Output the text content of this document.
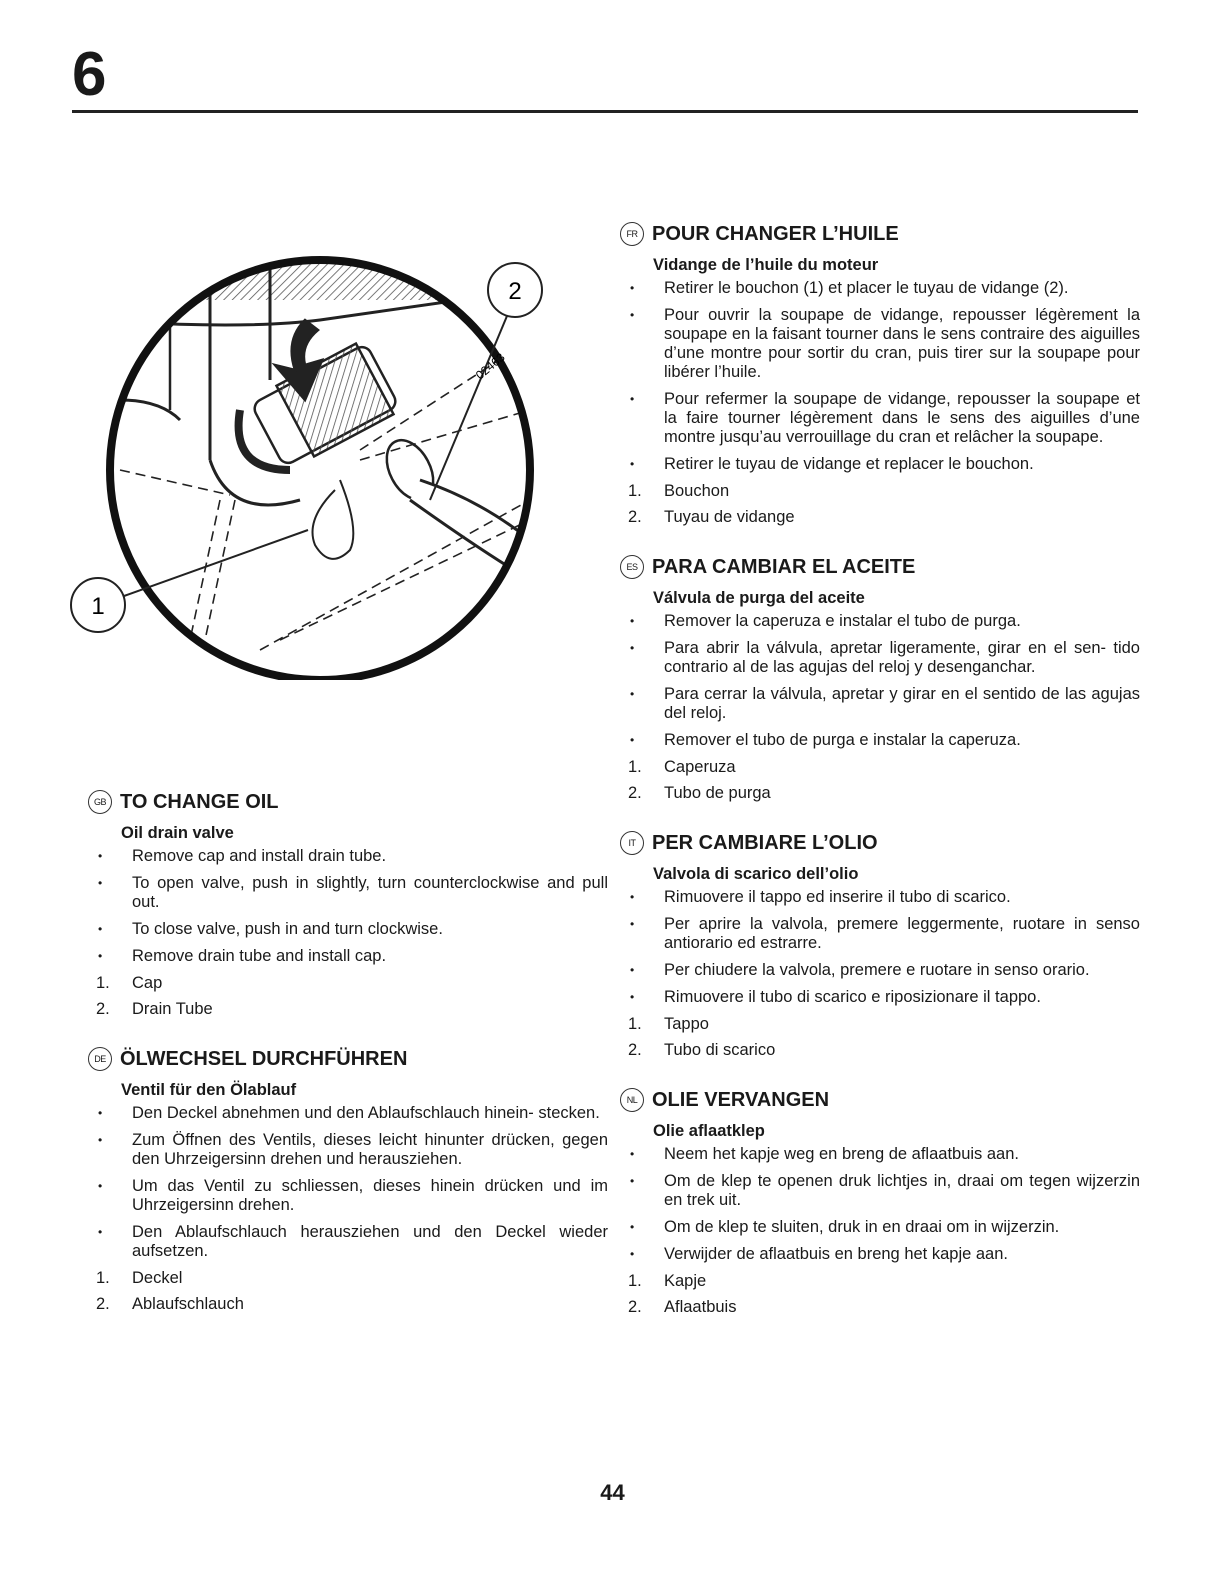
6
2
1
02463
GB TO CHANGE OIL
Oil drain valve
• Remove cap and install drain tube.
• To open valve, push in slightly, turn counterclockwise and pull out.
• To close valve, push in and turn clockwise.
• Remove drain tube and install cap.
1. Cap
2. Drain Tube
DE ÖLWECHSEL DURCHFÜHREN
Ventil für den Ölablauf
• Den Deckel abnehmen und den Ablaufschlauch hinein- stecken.
• Zum Öffnen des Ventils, dieses leicht hinunter drücken, gegen den Uhrzeigersinn drehen und herausziehen.
• Um das Ventil zu schliessen, dieses hinein drücken und im Uhrzeigersinn drehen.
• Den Ablaufschlauch herausziehen und den Deckel wieder aufsetzen.
1. Deckel
2. Ablaufschlauch
FR POUR CHANGER L’HUILE
Vidange de l’huile du moteur
• Retirer le bouchon (1) et placer le tuyau de vidange (2).
• Pour ouvrir la soupape de vidange, repousser légèrement la soupape en la faisant tourner dans le sens contraire des aiguilles d’une montre pour sortir du cran, puis tirer sur la soupape pour libérer l’huile.
• Pour refermer la soupape de vidange, repousser la soupape et la faire tourner légèrement dans le sens des aiguilles d’une montre jusqu’au verrouillage du cran et relâcher la soupape.
• Retirer le tuyau de vidange et replacer le bouchon.
1. Bouchon
2. Tuyau de vidange
ES PARA CAMBIAR EL ACEITE
Válvula de purga del aceite
• Remover la caperuza e instalar el tubo de purga.
• Para abrir la válvula, apretar ligeramente, girar en el sen- tido contrario al de las agujas del reloj y desenganchar.
• Para cerrar la válvula, apretar y girar en el sentido de las agujas del reloj.
• Remover el tubo de purga e instalar la caperuza.
1. Caperuza
2. Tubo de purga
IT PER CAMBIARE L’OLIO
Valvola di scarico dell’olio
• Rimuovere il tappo ed inserire il tubo di scarico.
• Per aprire la valvola, premere leggermente, ruotare in senso antiorario ed estrarre.
• Per chiudere la valvola, premere e ruotare in senso orario.
• Rimuovere il tubo di scarico e riposizionare il tappo.
1. Tappo
2. Tubo di scarico
NL OLIE VERVANGEN
Olie aflaatklep
• Neem het kapje weg en breng de aflaatbuis aan.
• Om de klep te openen druk lichtjes in, draai om tegen wijzerzin en trek uit.
• Om de klep te sluiten, druk in en draai om in wijzerzin.
• Verwijder de aflaatbuis en breng het kapje aan.
1. Kapje
2. Aflaatbuis
44
